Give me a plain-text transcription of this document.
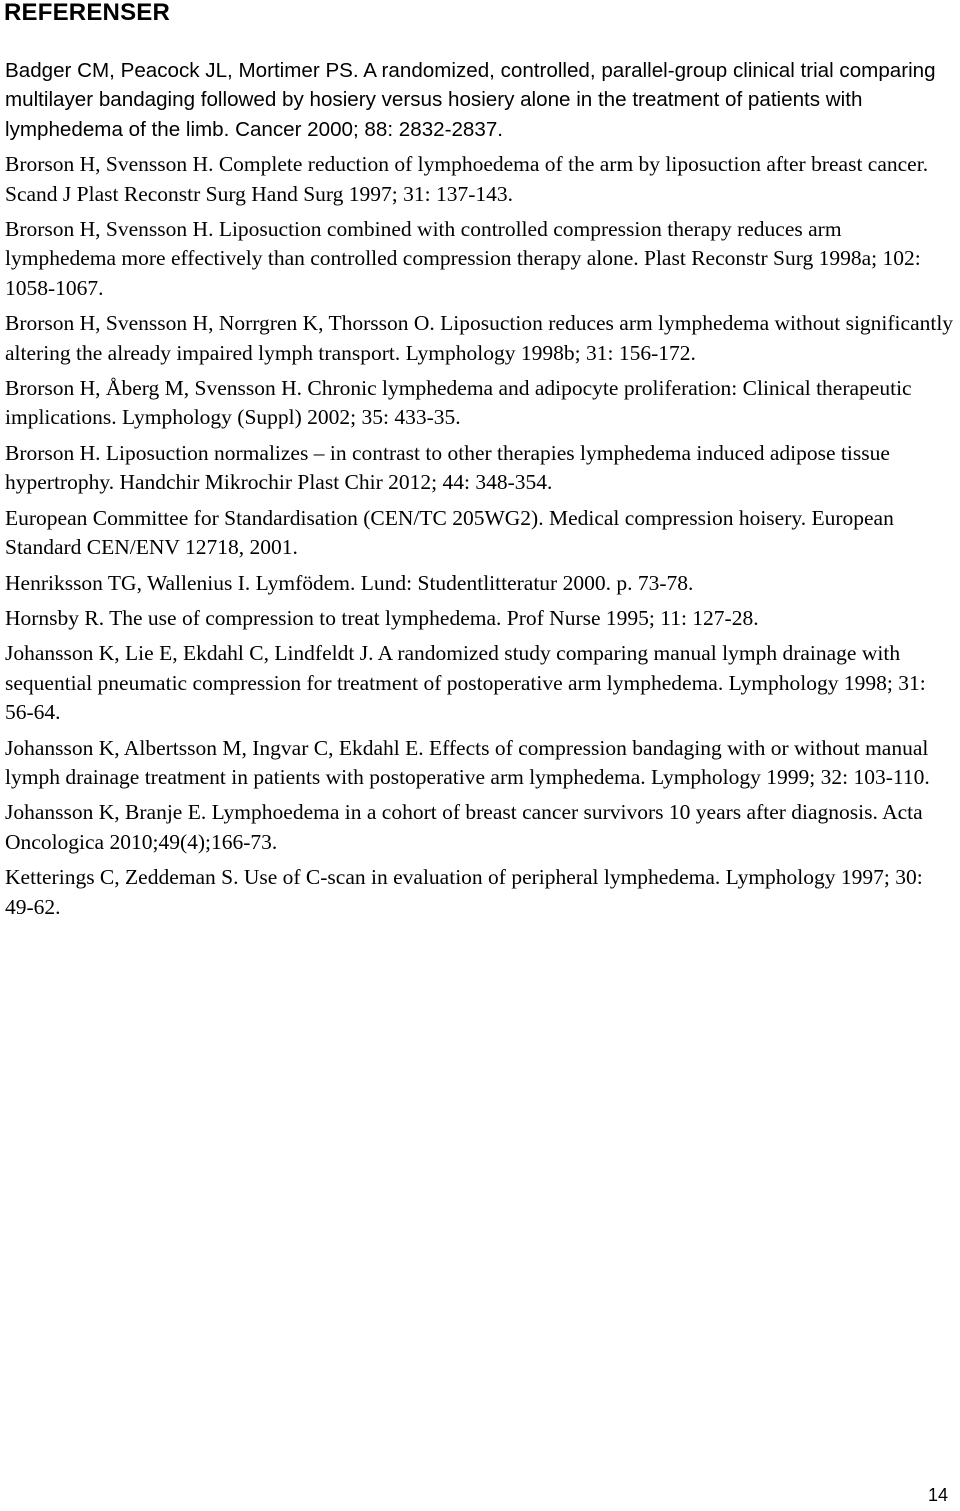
REFERENSER
Badger CM, Peacock JL, Mortimer PS. A randomized, controlled, parallel-group clinical trial comparing multilayer bandaging followed by hosiery versus hosiery alone in the treatment of patients with lymphedema of the limb. Cancer 2000; 88: 2832-2837.
Brorson H, Svensson H. Complete reduction of lymphoedema of the arm by liposuction after breast cancer. Scand J Plast Reconstr Surg Hand Surg 1997; 31: 137-143.
Brorson H, Svensson H. Liposuction combined with controlled compression therapy reduces arm lymphedema more effectively than controlled compression therapy alone. Plast Reconstr Surg 1998a; 102: 1058-1067.
Brorson H, Svensson H, Norrgren K, Thorsson O. Liposuction reduces arm lymphedema without significantly altering the already impaired lymph transport. Lymphology 1998b; 31: 156-172.
Brorson H, Åberg M, Svensson H. Chronic lymphedema and adipocyte proliferation: Clinical therapeutic implications. Lymphology (Suppl) 2002; 35: 433-35.
Brorson H. Liposuction normalizes – in contrast to other therapies lymphedema induced adipose tissue hypertrophy. Handchir Mikrochir Plast Chir 2012; 44: 348-354.
European Committee for Standardisation (CEN/TC 205WG2). Medical compression hoisery. European Standard CEN/ENV 12718, 2001.
Henriksson TG, Wallenius I. Lymfödem. Lund: Studentlitteratur 2000. p. 73-78.
Hornsby R. The use of compression to treat lymphedema. Prof Nurse 1995; 11: 127-28.
Johansson K, Lie E, Ekdahl C, Lindfeldt J. A randomized study comparing manual lymph drainage with sequential pneumatic compression for treatment of postoperative arm lymphedema. Lymphology 1998; 31: 56-64.
Johansson K, Albertsson M, Ingvar C, Ekdahl E. Effects of compression bandaging with or without manual lymph drainage treatment in patients with postoperative arm lymphedema. Lymphology 1999; 32: 103-110.
Johansson K, Branje E. Lymphoedema in a cohort of breast cancer survivors 10 years after diagnosis. Acta Oncologica 2010;49(4);166-73.
Ketterings C, Zeddeman S. Use of C-scan in evaluation of peripheral lymphedema. Lymphology 1997; 30: 49-62.
14
